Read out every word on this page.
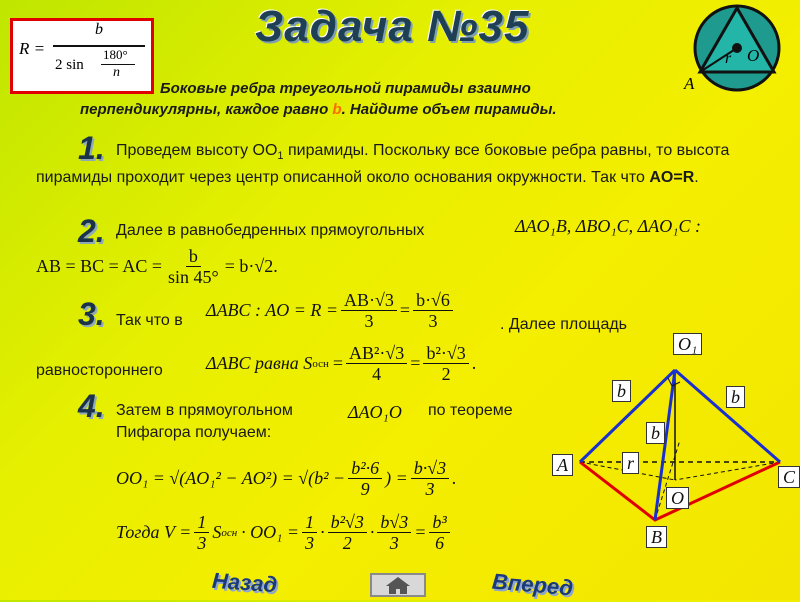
Задача №35
R =
b
2 sin
180°
n
r O
A
Боковые ребра треугольной пирамиды взаимно
перпендикулярны, каждое равно b. Найдите объем пирамиды.
1. Проведем высоту $OO_1$ пирамиды. Поскольку все боковые ребра равны, то высота пирамиды проходит через центр описанной около основания окружности. Так что AO=R.
2. Далее в равнобедренных прямоугольных	ΔAO₁B, ΔBO₁C, ΔAO₁C :
AB = BC = AC = $\frac{b}{\sin 45^\circ} = b\cdot√2$.
3. Так что в
ΔABC : AO = $R = \frac{AB\cdot√3}{3} = \frac{b\cdot√6}{3}$	. Далее площадь
равностороннего ΔABC равна S осн = $\frac{\text{AB²·√3}}{4} = \frac{\text{b²·√3}}{2}$ .
4. Затем в прямоугольном	ΔAO₁O по теореме
Пифагора получаем:
$OO_1 = √(AO_1^2 - AO^2) = √(b^2 - \frac{\text{b²·6}}{9}$ ) = $\frac{b\cdot√3}{3}$ .
Тогда $V = \frac{1}{3}$ S осн · $OO_1 = \frac{1}{3} \cdot \frac{\text{b²√3}}{2} \cdot \frac{b√3}{3} = \frac{\text{b³}}{6}$
O₁
b	b
b
A	r
C
O
B
Назад	Вперед
